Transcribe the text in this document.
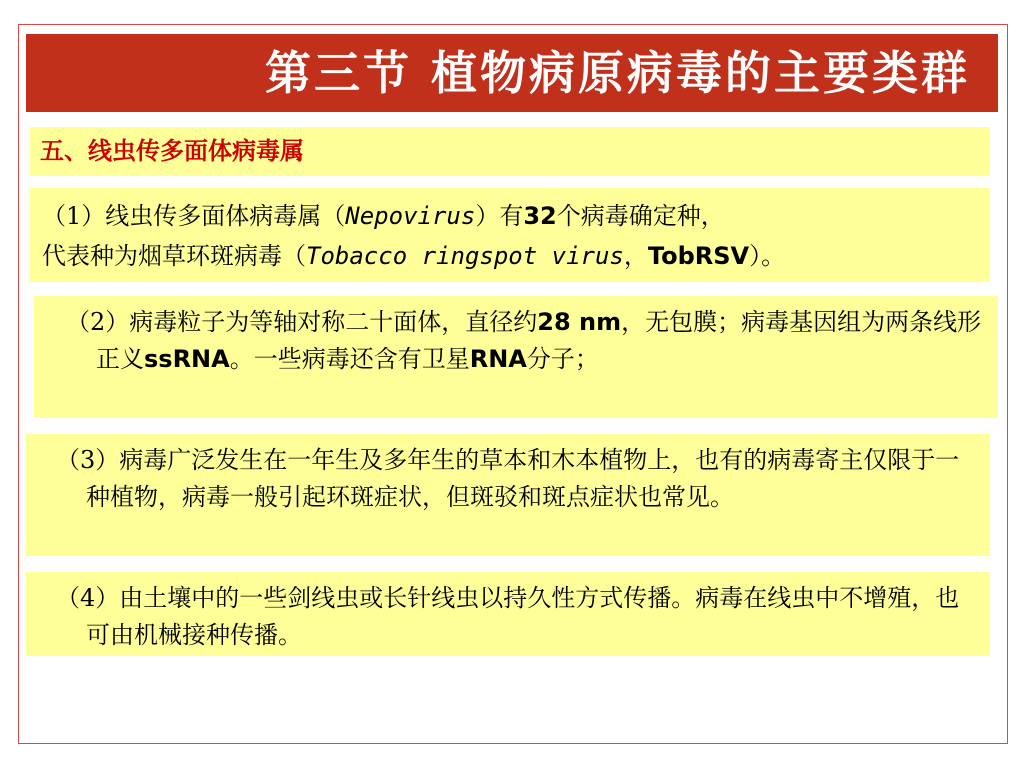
第三节 植物病原病毒的主要类群
五、线虫传多面体病毒属

（1）线虫传多面体病毒属（Nepovirus）有32个病毒确定种，

代表种为烟草环斑病毒（Tobacco ringspot virus，TobRSV）。

（2）病毒粒子为等轴对称二十面体，直径约28 nm，无包膜；病毒基因组为两条线形正义ssRNA。一些病毒还含有卫星RNA分子；

（3）病毒广泛发生在一年生及多年生的草本和木本植物上，也有的病毒寄主仅限于一种植物，病毒一般引起环斑症状，但斑驳和斑点症状也常见。

（4）由土壤中的一些剑线虫或长针线虫以持久性方式传播。病毒在线虫中不增殖，也可由机械接种传播。
